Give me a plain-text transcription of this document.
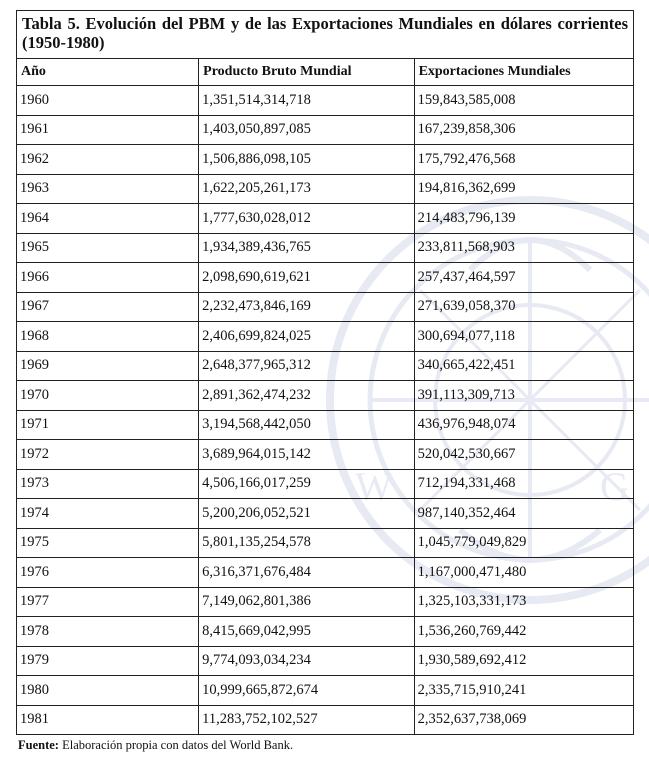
W	G
Tabla 5. Evolución del PBM y de las Exportaciones Mundiales en dólares corrientes (1950-1980)		
Año	Producto Bruto Mundial	Exportaciones Mundiales
1960	1,351,514,314,718	159,843,585,008
1961	1,403,050,897,085	167,239,858,306
1962	1,506,886,098,105	175,792,476,568
1963	1,622,205,261,173	194,816,362,699
1964	1,777,630,028,012	214,483,796,139
1965	1,934,389,436,765	233,811,568,903
1966	2,098,690,619,621	257,437,464,597
1967	2,232,473,846,169	271,639,058,370
1968	2,406,699,824,025	300,694,077,118
1969	2,648,377,965,312	340,665,422,451
1970	2,891,362,474,232	391,113,309,713
1971	3,194,568,442,050	436,976,948,074
1972	3,689,964,015,142	520,042,530,667
1973	4,506,166,017,259	712,194,331,468
1974	5,200,206,052,521	987,140,352,464
1975	5,801,135,254,578	1,045,779,049,829
1976	6,316,371,676,484	1,167,000,471,480
1977	7,149,062,801,386	1,325,103,331,173
1978	8,415,669,042,995	1,536,260,769,442
1979	9,774,093,034,234	1,930,589,692,412
1980	10,999,665,872,674	2,335,715,910,241
1981	11,283,752,102,527	2,352,637,738,069
Fuente: Elaboración propia con datos del World Bank.
